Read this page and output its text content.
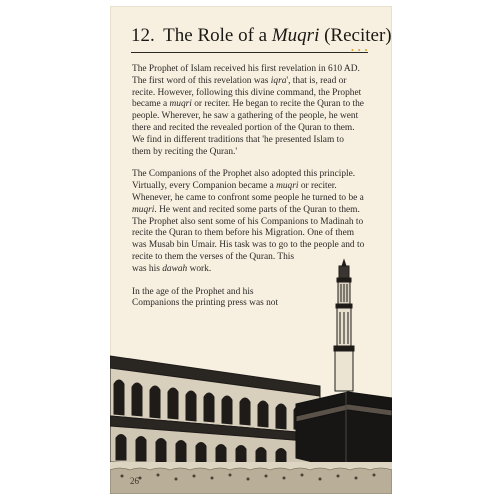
12. The Role of a Muqri (Reciter)
• • •

The Prophet of Islam received his first revelation in 610 AD.
The first word of this revelation was iqra', that is, read or
recite. However, following this divine command, the Prophet
became a muqri or reciter. He began to recite the Quran to the
people. Wherever, he saw a gathering of the people, he went
there and recited the revealed portion of the Quran to them.
We find in different traditions that 'he presented Islam to
them by reciting the Quran.'

The Companions of the Prophet also adopted this principle.
Virtually, every Companion became a muqri or reciter.
Whenever, he came to confront some people he turned to be a
muqri. He went and recited some parts of the Quran to them.
The Prophet also sent some of his Companions to Madinah to
recite the Quran to them before his Migration. One of them
was Musab bin Umair. His task was to go to the people and to
recite to them the verses of the Quran. This
was his dawah work.

In the age of the Prophet and his
Companions the printing press was not

26
